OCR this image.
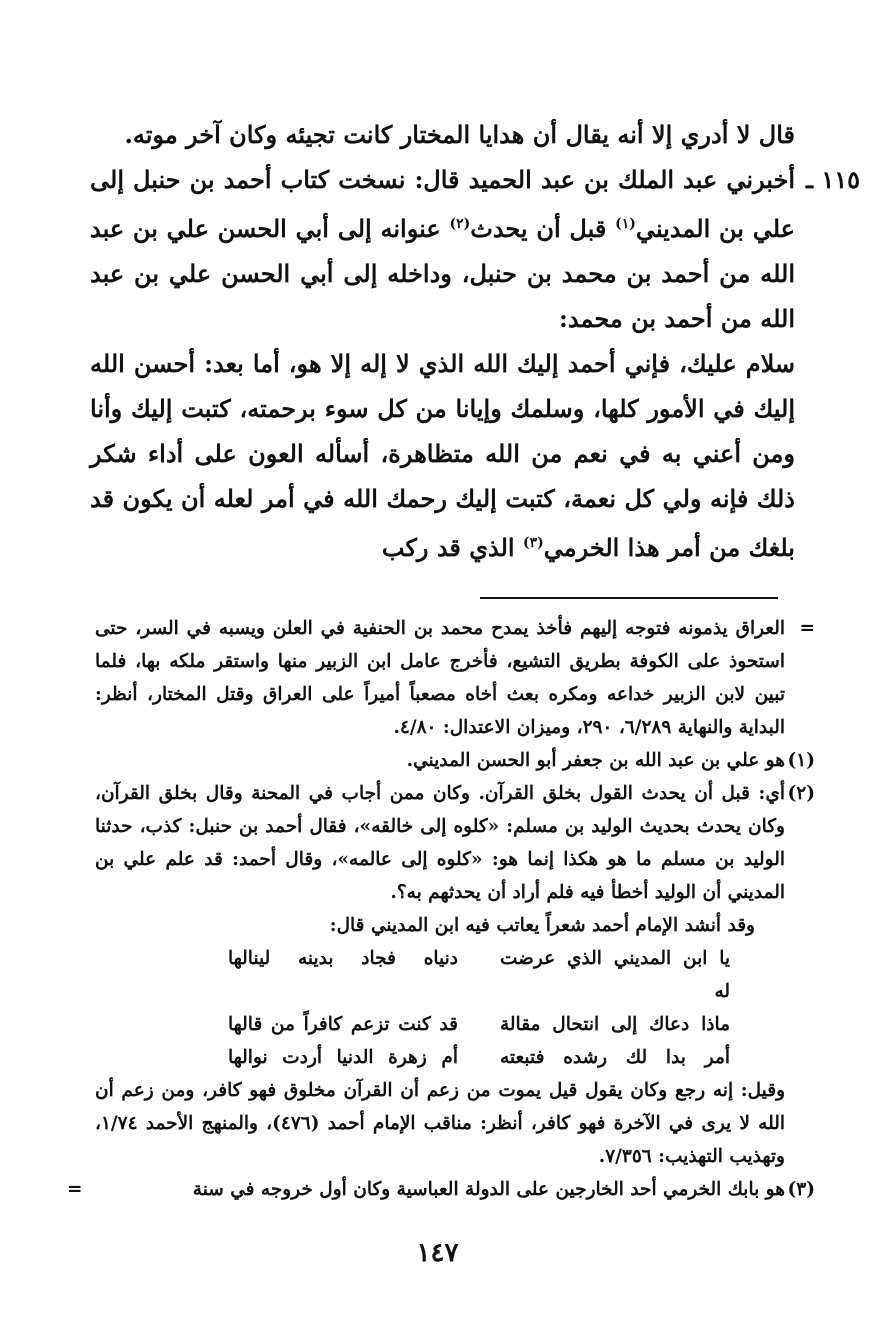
قال لا أدري إلا أنه يقال أن هدايا المختار كانت تجيئه وكان آخر موته.

١١٥ ـ
أخبرني عبد الملك بن عبد الحميد قال: نسخت كتاب أحمد بن حنبل إلى علي بن المديني$^{(١)}$ قبل أن يحدث$^{(٢)}$ عنوانه إلى أبي الحسن علي بن عبد الله من أحمد بن محمد بن حنبل، وداخله إلى أبي الحسن علي بن عبد الله من أحمد بن محمد:

سلام عليك، فإني أحمد إليك الله الذي لا إله إلا هو، أما بعد: أحسن الله إليك في الأمور كلها، وسلمك وإيانا من كل سوء برحمته، كتبت إليك وأنا ومن أعني به في نعم من الله متظاهرة، أسأله العون على أداء شكر ذلك فإنه ولي كل نعمة، كتبت إليك رحمك الله في أمر لعله أن يكون قد بلغك من أمر هذا الخرمي$^{(٣)}$ الذي قد ركب

=
العراق يذمونه فتوجه إليهم فأخذ يمدح محمد بن الحنفية في العلن ويسبه في السر، حتى استحوذ على الكوفة بطريق التشيع، فأخرج عامل ابن الزبير منها واستقر ملكه بها، فلما تبين لابن الزبير خداعه ومكره بعث أخاه مصعباً أميراً على العراق وقتل المختار، أنظر: البداية والنهاية ٦/٢٨٩، ٢٩٠، وميزان الاعتدال: ٤/٨٠.

(١)
هو علي بن عبد الله بن جعفر أبو الحسن المديني.

(٢)
أي: قبل أن يحدث القول بخلق القرآن. وكان ممن أجاب في المحنة وقال بخلق القرآن، وكان يحدث بحديث الوليد بن مسلم: «كلوه إلى خالقه»، فقال أحمد بن حنبل: كذب، حدثنا الوليد بن مسلم ما هو هكذا إنما هو: «كلوه إلى عالمه»، وقال أحمد: قد علم علي بن المديني أن الوليد أخطأ فيه فلم أراد أن يحدثهم به؟.

وقد أنشد الإمام أحمد شعراً يعاتب فيه ابن المديني قال:

يا ابن المديني الذي عرضت له
دنياه فجاد بدينه لينالها
ماذا دعاك إلى انتحال مقالة
قد كنت تزعم كافراً من قالها
أمر بدا لك رشده فتبعته
أم زهرة الدنيا أردت نوالها

وقيل: إنه رجع وكان يقول قيل يموت من زعم أن القرآن مخلوق فهو كافر، ومن زعم أن الله لا يرى في الآخرة فهو كافر، أنظر: مناقب الإمام أحمد (٤٧٦)، والمنهج الأحمد ١/٧٤، وتهذيب التهذيب: ٧/٣٥٦.

(٣)
هو بابك الخرمي أحد الخارجين على الدولة العباسية وكان أول خروجه في سنة
=

١٤٧
